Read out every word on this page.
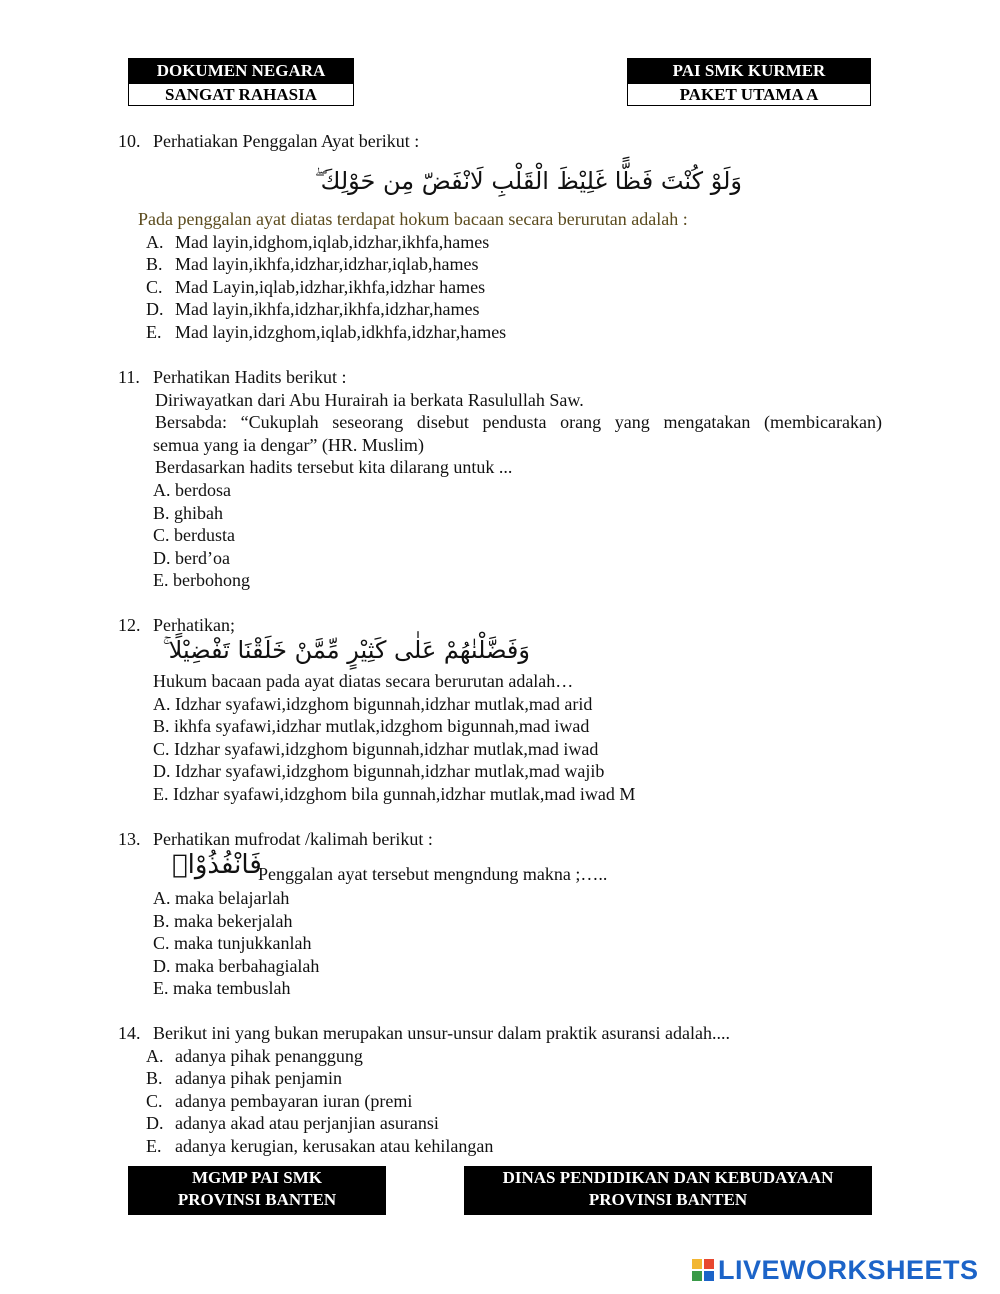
DOKUMEN NEGARA
SANGAT RAHASIA
PAI SMK KURMER
PAKET UTAMA A
10. Perhatiakan Penggalan Ayat berikut :
وَلَوْ كُنْتَ فَظًّا غَلِيْظَ الْقَلْبِ لَانْفَضّ مِن حَوْلِكَ ۖ
Pada penggalan ayat diatas terdapat hokum bacaan secara berurutan adalah :
A. Mad layin,idghom,iqlab,idzhar,ikhfa,hames
B. Mad layin,ikhfa,idzhar,idzhar,iqlab,hames
C. Mad Layin,iqlab,idzhar,ikhfa,idzhar hames
D. Mad layin,ikhfa,idzhar,ikhfa,idzhar,hames
E. Mad layin,idzghom,iqlab,idkhfa,idzhar,hames
11. Perhatikan Hadits berikut :
Diriwayatkan dari Abu Hurairah ia berkata Rasulullah Saw.
Bersabda: “Cukuplah seseorang disebut pendusta orang yang mengatakan (membicarakan)
semua yang ia dengar” (HR. Muslim)
Berdasarkan hadits tersebut kita dilarang untuk ...
A. berdosa
B. ghibah
C. berdusta
D. berd’oa
E. berbohong
12. Perhatikan;
وَفَضَّلْنٰهُمْ عَلٰى كَثِيْرٍ مِّمَّنْ خَلَقْنَا تَفْضِيْلًا ۚ
Hukum bacaan pada ayat diatas secara berurutan adalah…
A. Idzhar syafawi,idzghom bigunnah,idzhar mutlak,mad arid
B. ikhfa syafawi,idzhar mutlak,idzghom bigunnah,mad iwad
C. Idzhar syafawi,idzghom bigunnah,idzhar mutlak,mad iwad
D. Idzhar syafawi,idzghom bigunnah,idzhar mutlak,mad wajib
E. Idzhar syafawi,idzghom bila gunnah,idzhar mutlak,mad iwad M
13. Perhatikan mufrodat /kalimah berikut :
فَانْفُذُوْاۗ
Penggalan ayat tersebut mengndung makna ;…..
A. maka belajarlah
B. maka bekerjalah
C. maka tunjukkanlah
D. maka berbahagialah
E. maka tembuslah
14. Berikut ini yang bukan merupakan unsur-unsur dalam praktik asuransi adalah....
A. adanya pihak penanggung
B. adanya pihak penjamin
C. adanya pembayaran iuran (premi
D. adanya akad atau perjanjian asuransi
E. adanya kerugian, kerusakan atau kehilangan
MGMP PAI SMK
PROVINSI BANTEN
DINAS PENDIDIKAN DAN KEBUDAYAAN
PROVINSI BANTEN
LIVEWORKSHEETS
